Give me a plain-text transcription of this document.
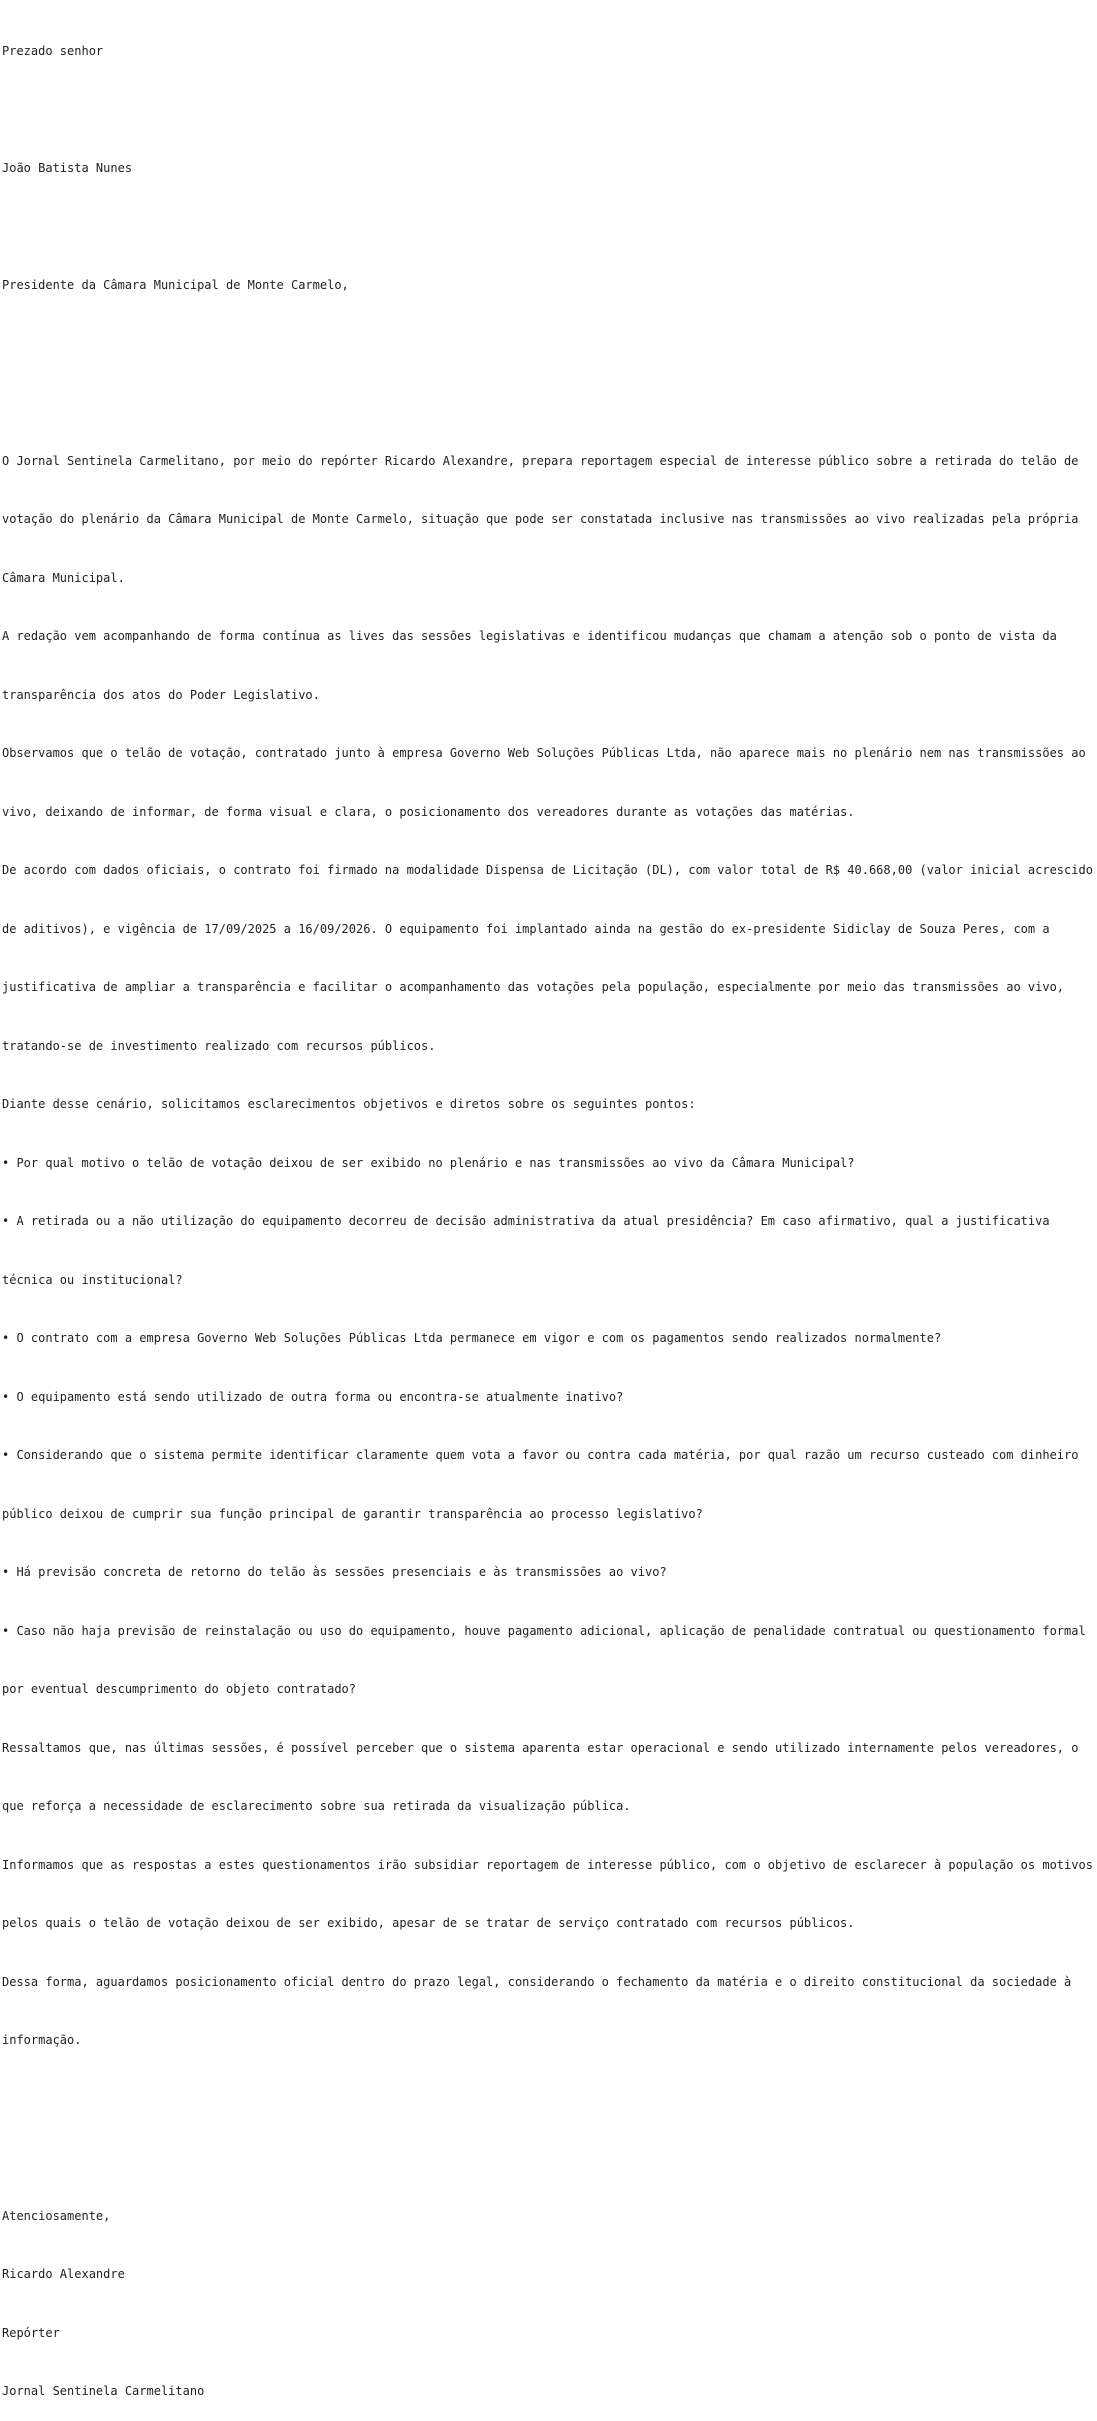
Prezado senhor

João Batista Nunes

Presidente da Câmara Municipal de Monte Carmelo,

O Jornal Sentinela Carmelitano, por meio do repórter Ricardo Alexandre, prepara reportagem especial de interesse público sobre a retirada do telão de

votação do plenário da Câmara Municipal de Monte Carmelo, situação que pode ser constatada inclusive nas transmissões ao vivo realizadas pela própria

Câmara Municipal.

A redação vem acompanhando de forma contínua as lives das sessões legislativas e identificou mudanças que chamam a atenção sob o ponto de vista da

transparência dos atos do Poder Legislativo.

Observamos que o telão de votação, contratado junto à empresa Governo Web Soluções Públicas Ltda, não aparece mais no plenário nem nas transmissões ao

vivo, deixando de informar, de forma visual e clara, o posicionamento dos vereadores durante as votações das matérias.

De acordo com dados oficiais, o contrato foi firmado na modalidade Dispensa de Licitação (DL), com valor total de R$ 40.668,00 (valor inicial acrescido

de aditivos), e vigência de 17/09/2025 a 16/09/2026. O equipamento foi implantado ainda na gestão do ex-presidente Sidiclay de Souza Peres, com a

justificativa de ampliar a transparência e facilitar o acompanhamento das votações pela população, especialmente por meio das transmissões ao vivo,

tratando-se de investimento realizado com recursos públicos.

Diante desse cenário, solicitamos esclarecimentos objetivos e diretos sobre os seguintes pontos:

• Por qual motivo o telão de votação deixou de ser exibido no plenário e nas transmissões ao vivo da Câmara Municipal?

• A retirada ou a não utilização do equipamento decorreu de decisão administrativa da atual presidência? Em caso afirmativo, qual a justificativa

técnica ou institucional?

• O contrato com a empresa Governo Web Soluções Públicas Ltda permanece em vigor e com os pagamentos sendo realizados normalmente?

• O equipamento está sendo utilizado de outra forma ou encontra-se atualmente inativo?

• Considerando que o sistema permite identificar claramente quem vota a favor ou contra cada matéria, por qual razão um recurso custeado com dinheiro

público deixou de cumprir sua função principal de garantir transparência ao processo legislativo?

• Há previsão concreta de retorno do telão às sessões presenciais e às transmissões ao vivo?

• Caso não haja previsão de reinstalação ou uso do equipamento, houve pagamento adicional, aplicação de penalidade contratual ou questionamento formal

por eventual descumprimento do objeto contratado?

Ressaltamos que, nas últimas sessões, é possível perceber que o sistema aparenta estar operacional e sendo utilizado internamente pelos vereadores, o

que reforça a necessidade de esclarecimento sobre sua retirada da visualização pública.

Informamos que as respostas a estes questionamentos irão subsidiar reportagem de interesse público, com o objetivo de esclarecer à população os motivos

pelos quais o telão de votação deixou de ser exibido, apesar de se tratar de serviço contratado com recursos públicos.

Dessa forma, aguardamos posicionamento oficial dentro do prazo legal, considerando o fechamento da matéria e o direito constitucional da sociedade à

informação.

Atenciosamente,

Ricardo Alexandre

Repórter

Jornal Sentinela Carmelitano
